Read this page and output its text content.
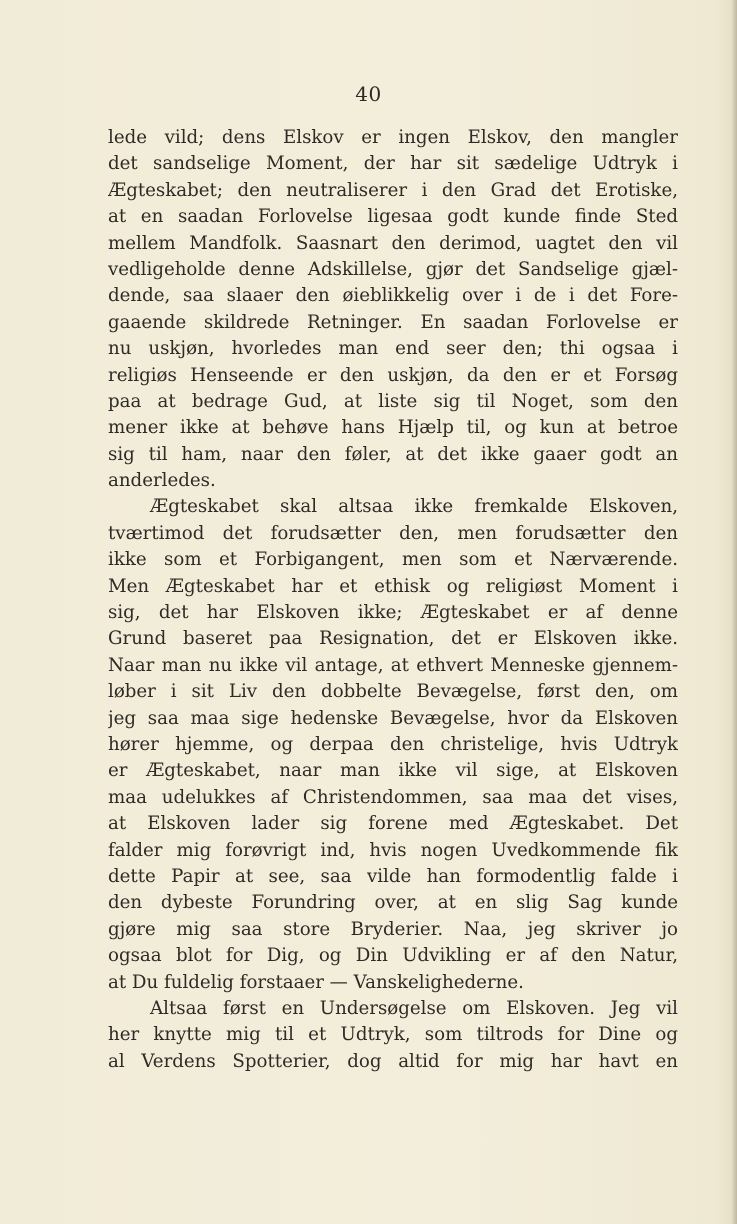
40
lede vild; dens Elskov er ingen Elskov, den mangler
det sandselige Moment, der har sit sædelige Udtryk i
Ægteskabet; den neutraliserer i den Grad det Erotiske,
at en saadan Forlovelse ligesaa godt kunde finde Sted
mellem Mandfolk. Saasnart den derimod, uagtet den vil
vedligeholde denne Adskillelse, gjør det Sandselige gjæl-
dende, saa slaaer den øieblikkelig over i de i det Fore-
gaaende skildrede Retninger. En saadan Forlovelse er
nu uskjøn, hvorledes man end seer den; thi ogsaa i
religiøs Henseende er den uskjøn, da den er et Forsøg
paa at bedrage Gud, at liste sig til Noget, som den
mener ikke at behøve hans Hjælp til, og kun at betroe
sig til ham, naar den føler, at det ikke gaaer godt an
anderledes.
Ægteskabet skal altsaa ikke fremkalde Elskoven,
tværtimod det forudsætter den, men forudsætter den
ikke som et Forbigangent, men som et Nærværende.
Men Ægteskabet har et ethisk og religiøst Moment i
sig, det har Elskoven ikke; Ægteskabet er af denne
Grund baseret paa Resignation, det er Elskoven ikke.
Naar man nu ikke vil antage, at ethvert Menneske gjennem-
løber i sit Liv den dobbelte Bevægelse, først den, om
jeg saa maa sige hedenske Bevægelse, hvor da Elskoven
hører hjemme, og derpaa den christelige, hvis Udtryk
er Ægteskabet, naar man ikke vil sige, at Elskoven
maa udelukkes af Christendommen, saa maa det vises,
at Elskoven lader sig forene med Ægteskabet. Det
falder mig forøvrigt ind, hvis nogen Uvedkommende fik
dette Papir at see, saa vilde han formodentlig falde i
den dybeste Forundring over, at en slig Sag kunde
gjøre mig saa store Bryderier. Naa, jeg skriver jo
ogsaa blot for Dig, og Din Udvikling er af den Natur,
at Du fuldelig forstaaer — Vanskelighederne.
Altsaa først en Undersøgelse om Elskoven. Jeg vil
her knytte mig til et Udtryk, som tiltrods for Dine og
al Verdens Spotterier, dog altid for mig har havt en
